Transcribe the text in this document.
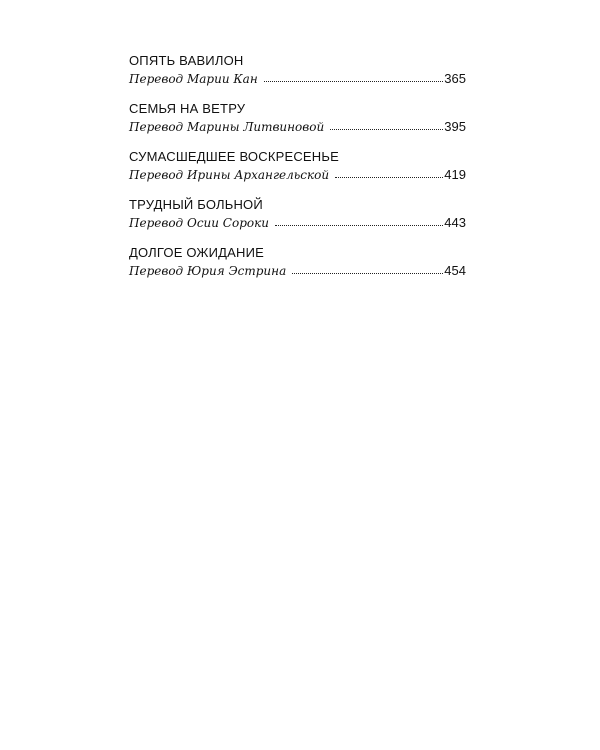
ОПЯТЬ ВАВИЛОН
Перевод Марии Кан	365
СЕМЬЯ НА ВЕТРУ
Перевод Марины Литвиновой	395
СУМАСШЕДШЕЕ ВОСКРЕСЕНЬЕ
Перевод Ирины Архангельской	419
ТРУДНЫЙ БОЛЬНОЙ
Перевод Осии Сороки	443
ДОЛГОЕ ОЖИДАНИЕ
Перевод Юрия Эстрина	454
